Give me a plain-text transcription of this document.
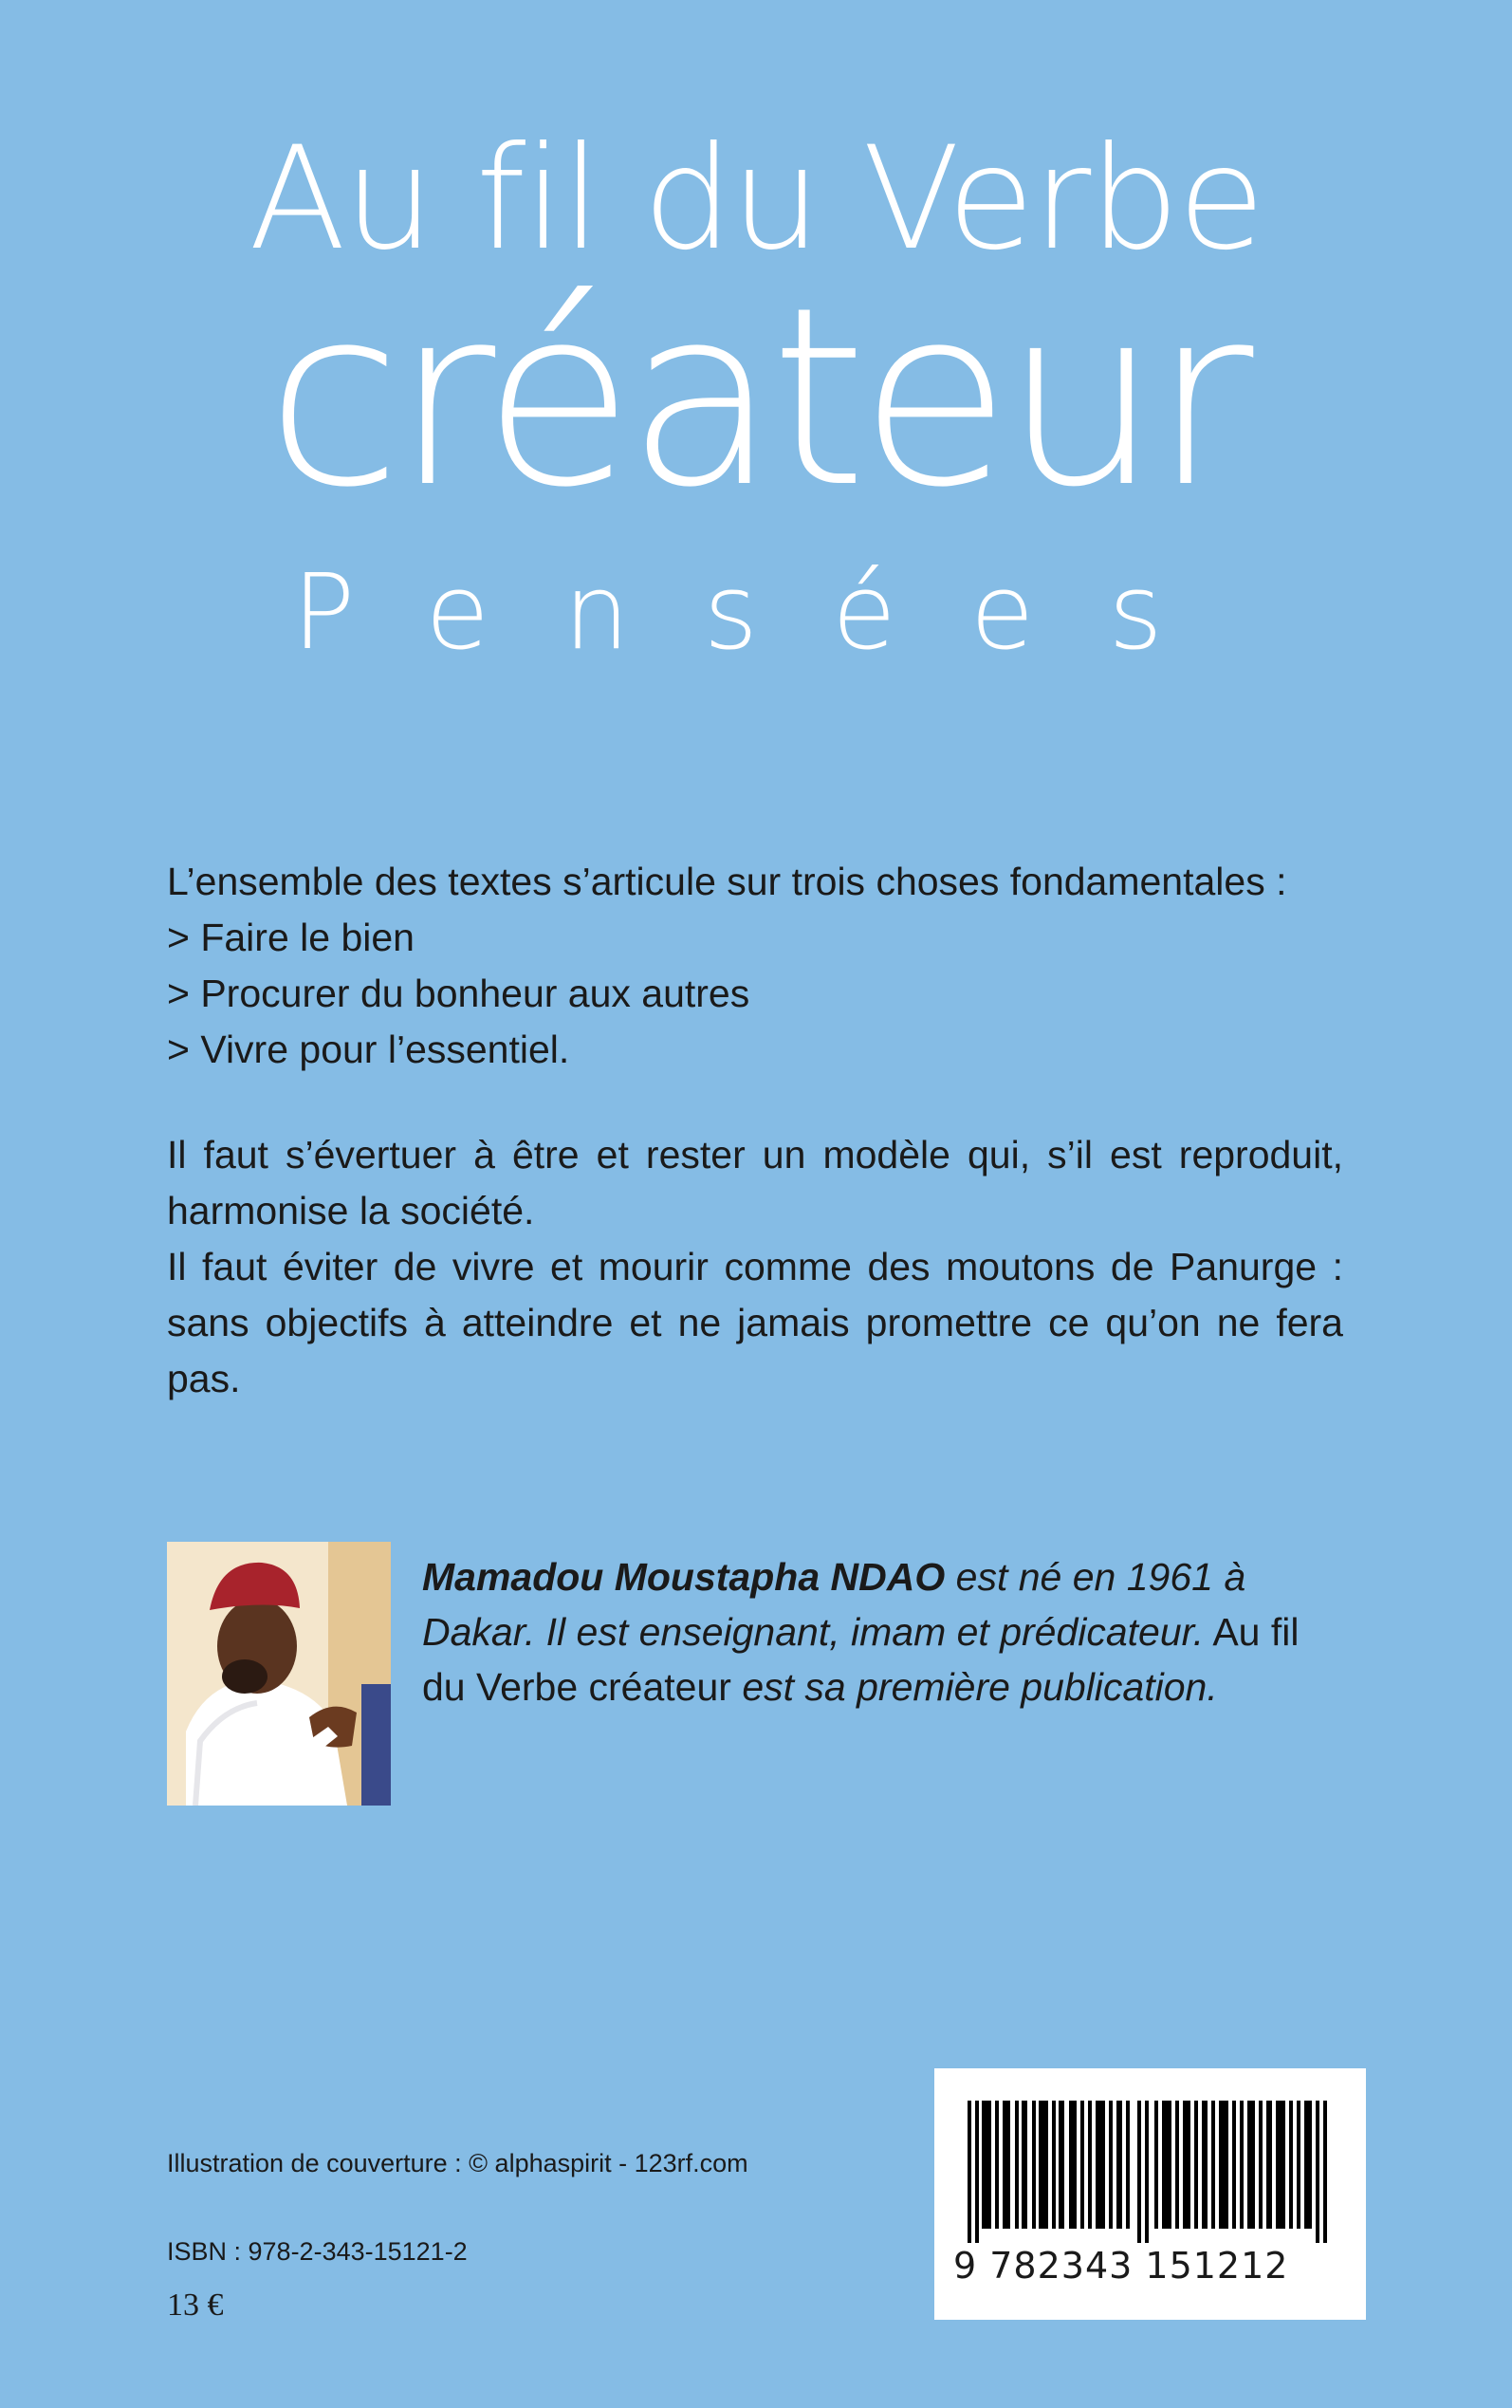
Au fil du Verbe
créateur
Pensées
L’ensemble des textes s’articule sur trois choses fondamentales :
> Faire le bien
> Procurer du bonheur aux autres
> Vivre pour l’essentiel.

Il faut s’évertuer à être et rester un modèle qui, s’il est reproduit, harmonise la société.

Il faut éviter de vivre et mourir comme des moutons de Panurge : sans objectifs à atteindre et ne jamais promettre ce qu’on ne fera pas.

Mamadou Moustapha NDAO est né en 1961 à Dakar. Il est enseignant, imam et prédicateur. Au fil du Verbe créateur est sa première publication.
Illustration de couverture : © alphaspirit - 123rf.com
ISBN : 978-2-343-15121-2
13 €
9 782343 151212
